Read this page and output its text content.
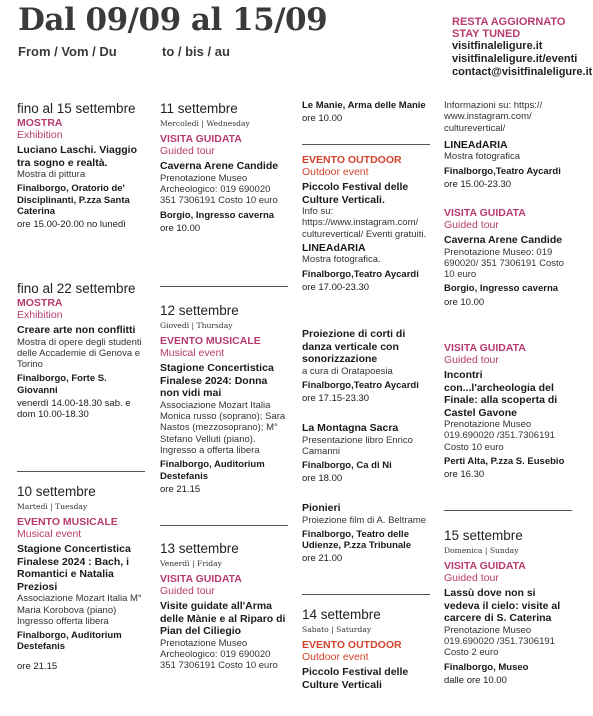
Dal 09/09 al 15/09
From / Vom / Du	to / bis / au
RESTA AGGIORNATO
STAY TUNED
visitfinaleligure.it
visitfinaleligure.it/eventi
contact@visitfinaleligure.it
fino al 15 settembre
MOSTRA
Exhibition
Luciano Laschi. Viaggio tra sogno e realtà.
Mostra di pittura
Finalborgo, Oratorio de' Disciplinanti, P.zza Santa Caterina
ore 15.00-20.00 no lunedì
fino al 22 settembre
MOSTRA
Exhibition
Creare arte non conflitti
Mostra di opere degli studenti delle Accademie di Genova e Torino
Finalborgo, Forte S. Giovanni
venerdì 14.00-18.30 sab. e dom 10.00-18.30
10 settembre
Martedì | Tuesday
EVENTO MUSICALE
Musical event
Stagione Concertistica Finalese 2024 : Bach, i Romantici e Natalia Preziosi
Associazione Mozart Italia M° Maria Korobova (piano) Ingresso offerta libera
Finalborgo, Auditorium Destefanis
ore 21.15
11 settembre
Mercoledì | Wednesday
VISITA GUIDATA
Guided tour
Caverna Arene Candide
Prenotazione Museo Archeologico: 019 690020 351 7306191 Costo 10 euro
Borgio, Ingresso caverna
ore 10.00
12 settembre
Giovedì | Thursday
EVENTO MUSICALE
Musical event
Stagione Concertistica Finalese 2024: Donna non vidi mai
Associazione Mozart Italia Monica russo (soprano); Sara Nastos (mezzosoprano); M° Stefano Velluti (piano). Ingresso a offerta libera
Finalborgo, Auditorium Destefanis
ore 21.15
13 settembre
Venerdì | Friday
VISITA GUIDATA
Guided tour
Visite guidate all'Arma delle Mànie e al Riparo di Pian del Ciliegio
Prenotazione Museo Archeologico: 019 690020 351 7306191 Costo 10 euro
Le Manie, Arma delle Manie
ore 10.00
EVENTO OUTDOOR
Outdoor event
Piccolo Festival delle Culture Verticali.
Info su: https://www.instagram.com/ culturevertical/ Eventi gratuiti.
LINEAdARIA
Mostra fotografica.
Finalborgo,Teatro Aycardi
ore 17.00-23.30
Proiezione di corti di danza verticale con sonorizzazione
a cura di Oratapoesia
Finalborgo,Teatro Aycardi
ore 17.15-23.30
La Montagna Sacra
Presentazione libro Enrico Camanni
Finalborgo, Ca di Ni
ore 18.00
Pionieri
Proiezione film di A. Beltrame
Finalborgo, Teatro delle Udienze, P.zza Tribunale
ore 21.00
14 settembre
Sabato | Saturday
EVENTO OUTDOOR
Outdoor event
Piccolo Festival delle Culture Verticali
Informazioni su: https:// www.instagram.com/ culturevertical/
LINEAdARIA
Mostra fotografica
Finalborgo,Teatro Aycardi
ore 15.00-23.30
VISITA GUIDATA
Guided tour
Caverna Arene Candide
Prenotazione Museo: 019 690020/ 351 7306191 Costo 10 euro
Borgio, Ingresso caverna
ore 10.00
VISITA GUIDATA
Guided tour
Incontri con...l'archeologia del Finale: alla scoperta di Castel Gavone
Prenotazione Museo 019.690020 /351.7306191 Costo 10 euro
Perti Alta, P.zza S. Eusebio
ore 16.30
15 settembre
Domenica | Sunday
VISITA GUIDATA
Guided tour
Lassù dove non si vedeva il cielo: visite al carcere di S. Caterina
Prenotazione Museo 019.690020 /351.7306191 Costo 2 euro
Finalborgo, Museo
dalle ore 10.00
